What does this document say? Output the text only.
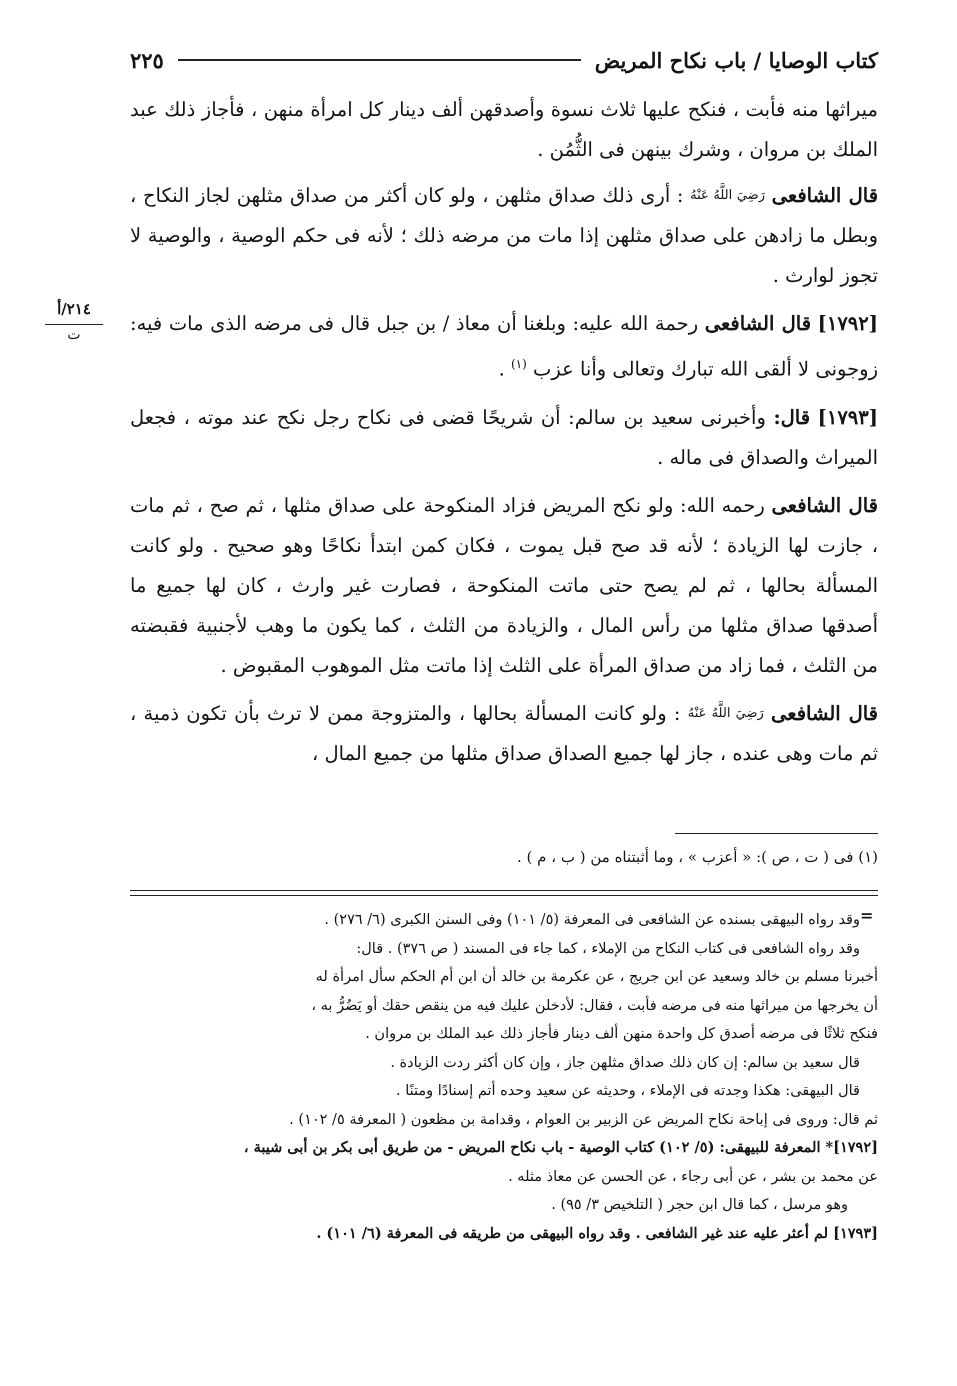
كتاب الوصايا / باب نكاح المريض
٢٢٥
٢١٤/أ
ت

ميراثها منه فأبت ، فنكح عليها ثلاث نسوة وأصدقهن ألف دينار كل امرأة منهن ، فأجاز ذلك عبد الملك بن مروان ، وشرك بينهن فى الثُّمُن .

قال الشافعى $^{رَضِيَ اللَّهُ عَنْهُ}$ : أرى ذلك صداق مثلهن ، ولو كان أكثر من صداق مثلهن لجاز النكاح ، وبطل ما زادهن على صداق مثلهن إذا مات من مرضه ذلك ؛ لأنه فى حكم الوصية ، والوصية لا تجوز لوارث .

[١٧٩٢] قال الشافعى رحمة الله عليه: وبلغنا أن معاذ / بن جبل قال فى مرضه الذى مات فيه: زوجونى لا ألقى الله تبارك وتعالى وأنا عزب $^{(١)}$ .

[١٧٩٣] قال: وأخبرنى سعيد بن سالم: أن شريحًا قضى فى نكاح رجل نكح عند موته ، فجعل الميراث والصداق فى ماله .

قال الشافعى رحمه الله: ولو نكح المريض فزاد المنكوحة على صداق مثلها ، ثم صح ، ثم مات ، جازت لها الزيادة ؛ لأنه قد صح قبل يموت ، فكان كمن ابتدأ نكاحًا وهو صحيح . ولو كانت المسألة بحالها ، ثم لم يصح حتى ماتت المنكوحة ، فصارت غير وارث ، كان لها جميع ما أصدقها صداق مثلها من رأس المال ، والزيادة من الثلث ، كما يكون ما وهب لأجنبية فقبضته من الثلث ، فما زاد من صداق المرأة على الثلث إذا ماتت مثل الموهوب المقبوض .

قال الشافعى $^{رَضِيَ اللَّهُ عَنْهُ}$ : ولو كانت المسألة بحالها ، والمتزوجة ممن لا ترث بأن تكون ذمية ، ثم مات وهى عنده ، جاز لها جميع الصداق صداق مثلها من جميع المال ،

(١) فى ( ت ، ص ): « أعزب » ، وما أثبتناه من ( ب ، م ) .
=
وقد رواه البيهقى بسنده عن الشافعى فى المعرفة (٥/ ١٠١) وفى السنن الكبرى (٦/ ٢٧٦) .
وقد رواه الشافعى فى كتاب النكاح من الإملاء ، كما جاء فى المسند ( ص ٣٧٦) . قال:
أخبرنا مسلم بن خالد وسعيد عن ابن جريج ، عن عكرمة بن خالد أن ابن أم الحكم سأل امرأة له
أن يخرجها من ميراثها منه فى مرضه فأبت ، فقال: لأدخلن عليك فيه من ينقص حقك أو يَضُرُّ به ،
فنكح ثلاثًا فى مرضه أصدق كل واحدة منهن ألف دينار فأجاز ذلك عبد الملك بن مروان .
قال سعيد بن سالم: إن كان ذلك صداق مثلهن جاز ، وإن كان أكثر ردت الزيادة .
قال البيهقى: هكذا وجدته فى الإملاء ، وحديثه عن سعيد وحده أتم إسنادًا ومتنًا .
ثم قال: وروى فى إباحة نكاح المريض عن الزبير بن العوام ، وقدامة بن مظعون ( المعرفة ٥/ ١٠٢) .
[١٧٩٢]* المعرفة للبيهقى: (٥/ ١٠٢) كتاب الوصية - باب نكاح المريض - من طريق أبى بكر بن أبى شيبة ،
عن محمد بن بشر ، عن أبى رجاء ، عن الحسن عن معاذ مثله .
وهو مرسل ، كما قال ابن حجر ( التلخيص ٣/ ٩٥) .
[١٧٩٣] لم أعثر عليه عند غير الشافعى . وقد رواه البيهقى من طريقه فى المعرفة (٦/ ١٠١) .
